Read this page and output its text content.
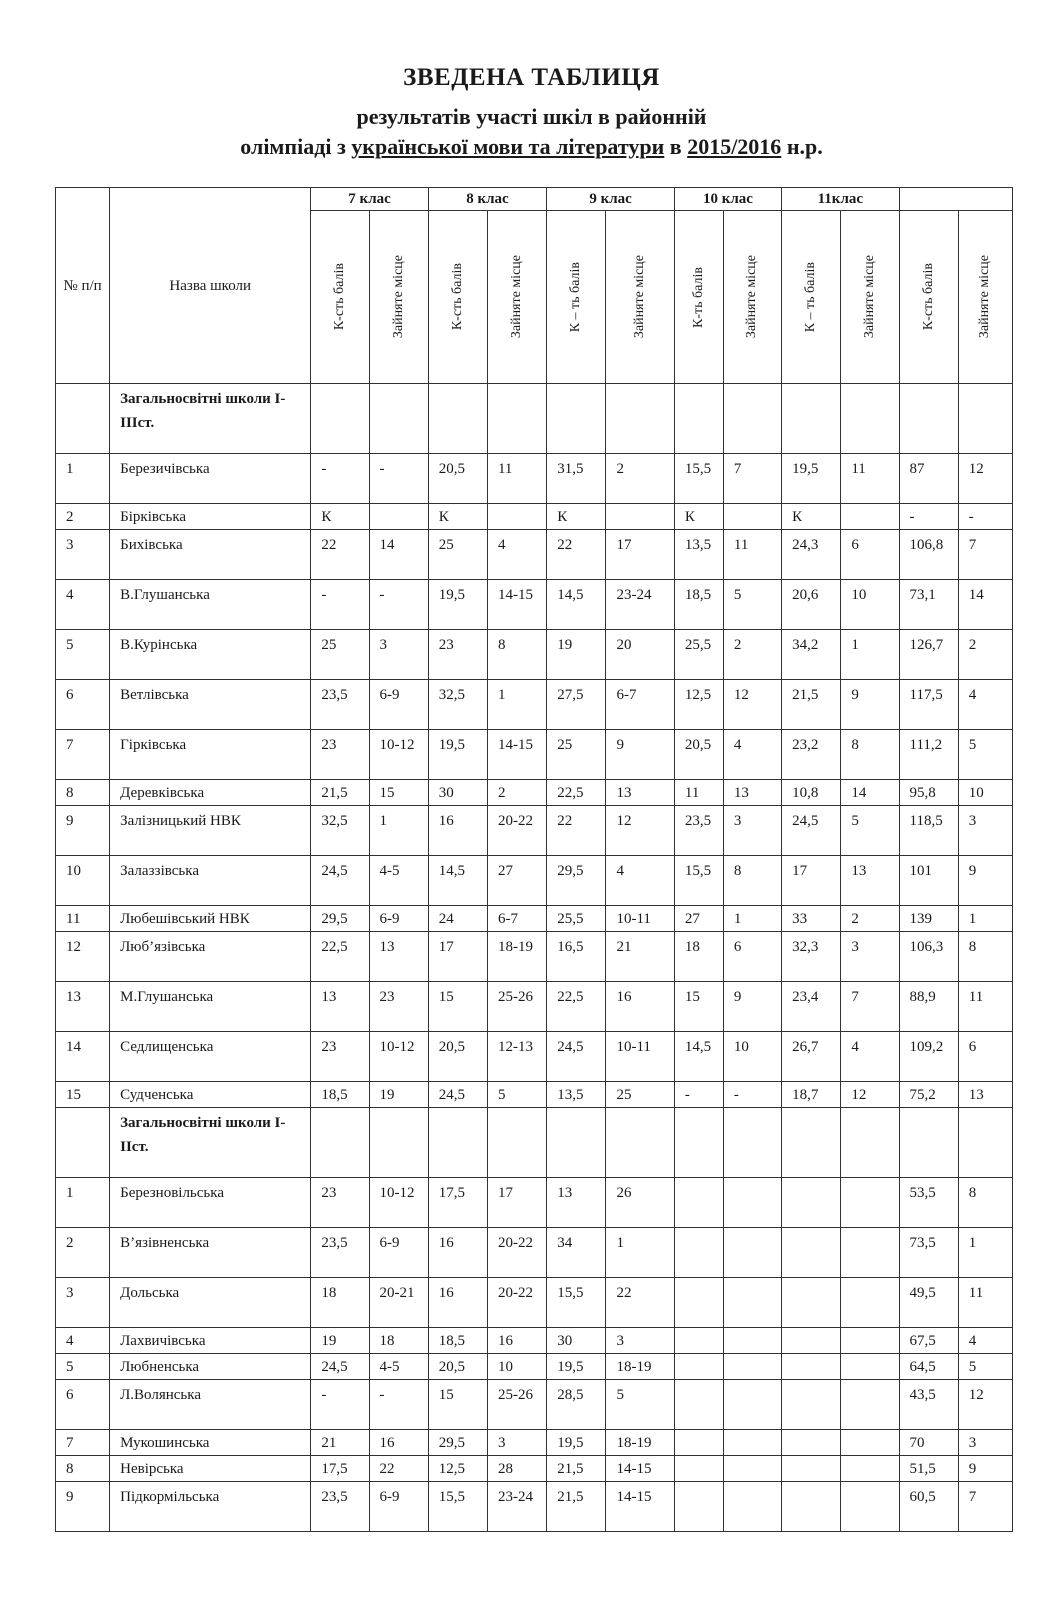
ЗВЕДЕНА ТАБЛИЦЯ
результатів участі шкіл в районній
олімпіаді з української мови та літератури в 2015/2016 н.р.
№ п/п	Назва школи	7 клас		8 клас		9 клас		10 клас		11клас			

		К-сть балів	Зайняте місце	К-сть балів	Зайняте місце	К – ть балів	Зайняте місце	К-ть балів	Зайняте місце	К – ть балів	Зайняте місце	К-сть балів	Зайняте місце

	Загальносвітні школи І-ІІІст.												
1	Березичівська	-	-	20,5	11	31,5	2	15,5	7	19,5	11	87	12
2	Бірківська	К		К		К		К		К		-	-
3	Бихівська	22	14	25	4	22	17	13,5	11	24,3	6	106,8	7
4	В.Глушанська	-	-	19,5	14-15	14,5	23-24	18,5	5	20,6	10	73,1	14
5	В.Курінська	25	3	23	8	19	20	25,5	2	34,2	1	126,7	2
6	Ветлівська	23,5	6-9	32,5	1	27,5	6-7	12,5	12	21,5	9	117,5	4
7	Гірківська	23	10-12	19,5	14-15	25	9	20,5	4	23,2	8	111,2	5
8	Деревківська	21,5	15	30	2	22,5	13	11	13	10,8	14	95,8	10
9	Залізницький НВК	32,5	1	16	20-22	22	12	23,5	3	24,5	5	118,5	3
10	Залаззівська	24,5	4-5	14,5	27	29,5	4	15,5	8	17	13	101	9
11	Любешівський НВК	29,5	6-9	24	6-7	25,5	10-11	27	1	33	2	139	1
12	Люб’язівська	22,5	13	17	18-19	16,5	21	18	6	32,3	3	106,3	8
13	М.Глушанська	13	23	15	25-26	22,5	16	15	9	23,4	7	88,9	11
14	Седлищенська	23	10-12	20,5	12-13	24,5	10-11	14,5	10	26,7	4	109,2	6
15	Судченська	18,5	19	24,5	5	13,5	25	-	-	18,7	12	75,2	13
	Загальносвітні школи І-ІІст.												
1	Березновільська	23	10-12	17,5	17	13	26					53,5	8
2	В’язівненська	23,5	6-9	16	20-22	34	1					73,5	1
3	Дольська	18	20-21	16	20-22	15,5	22					49,5	11
4	Лахвичівська	19	18	18,5	16	30	3					67,5	4
5	Любненська	24,5	4-5	20,5	10	19,5	18-19					64,5	5
6	Л.Волянська	-	-	15	25-26	28,5	5					43,5	12
7	Мукошинська	21	16	29,5	3	19,5	18-19					70	3
8	Невірська	17,5	22	12,5	28	21,5	14-15					51,5	9
9	Підкормільська	23,5	6-9	15,5	23-24	21,5	14-15					60,5	7
